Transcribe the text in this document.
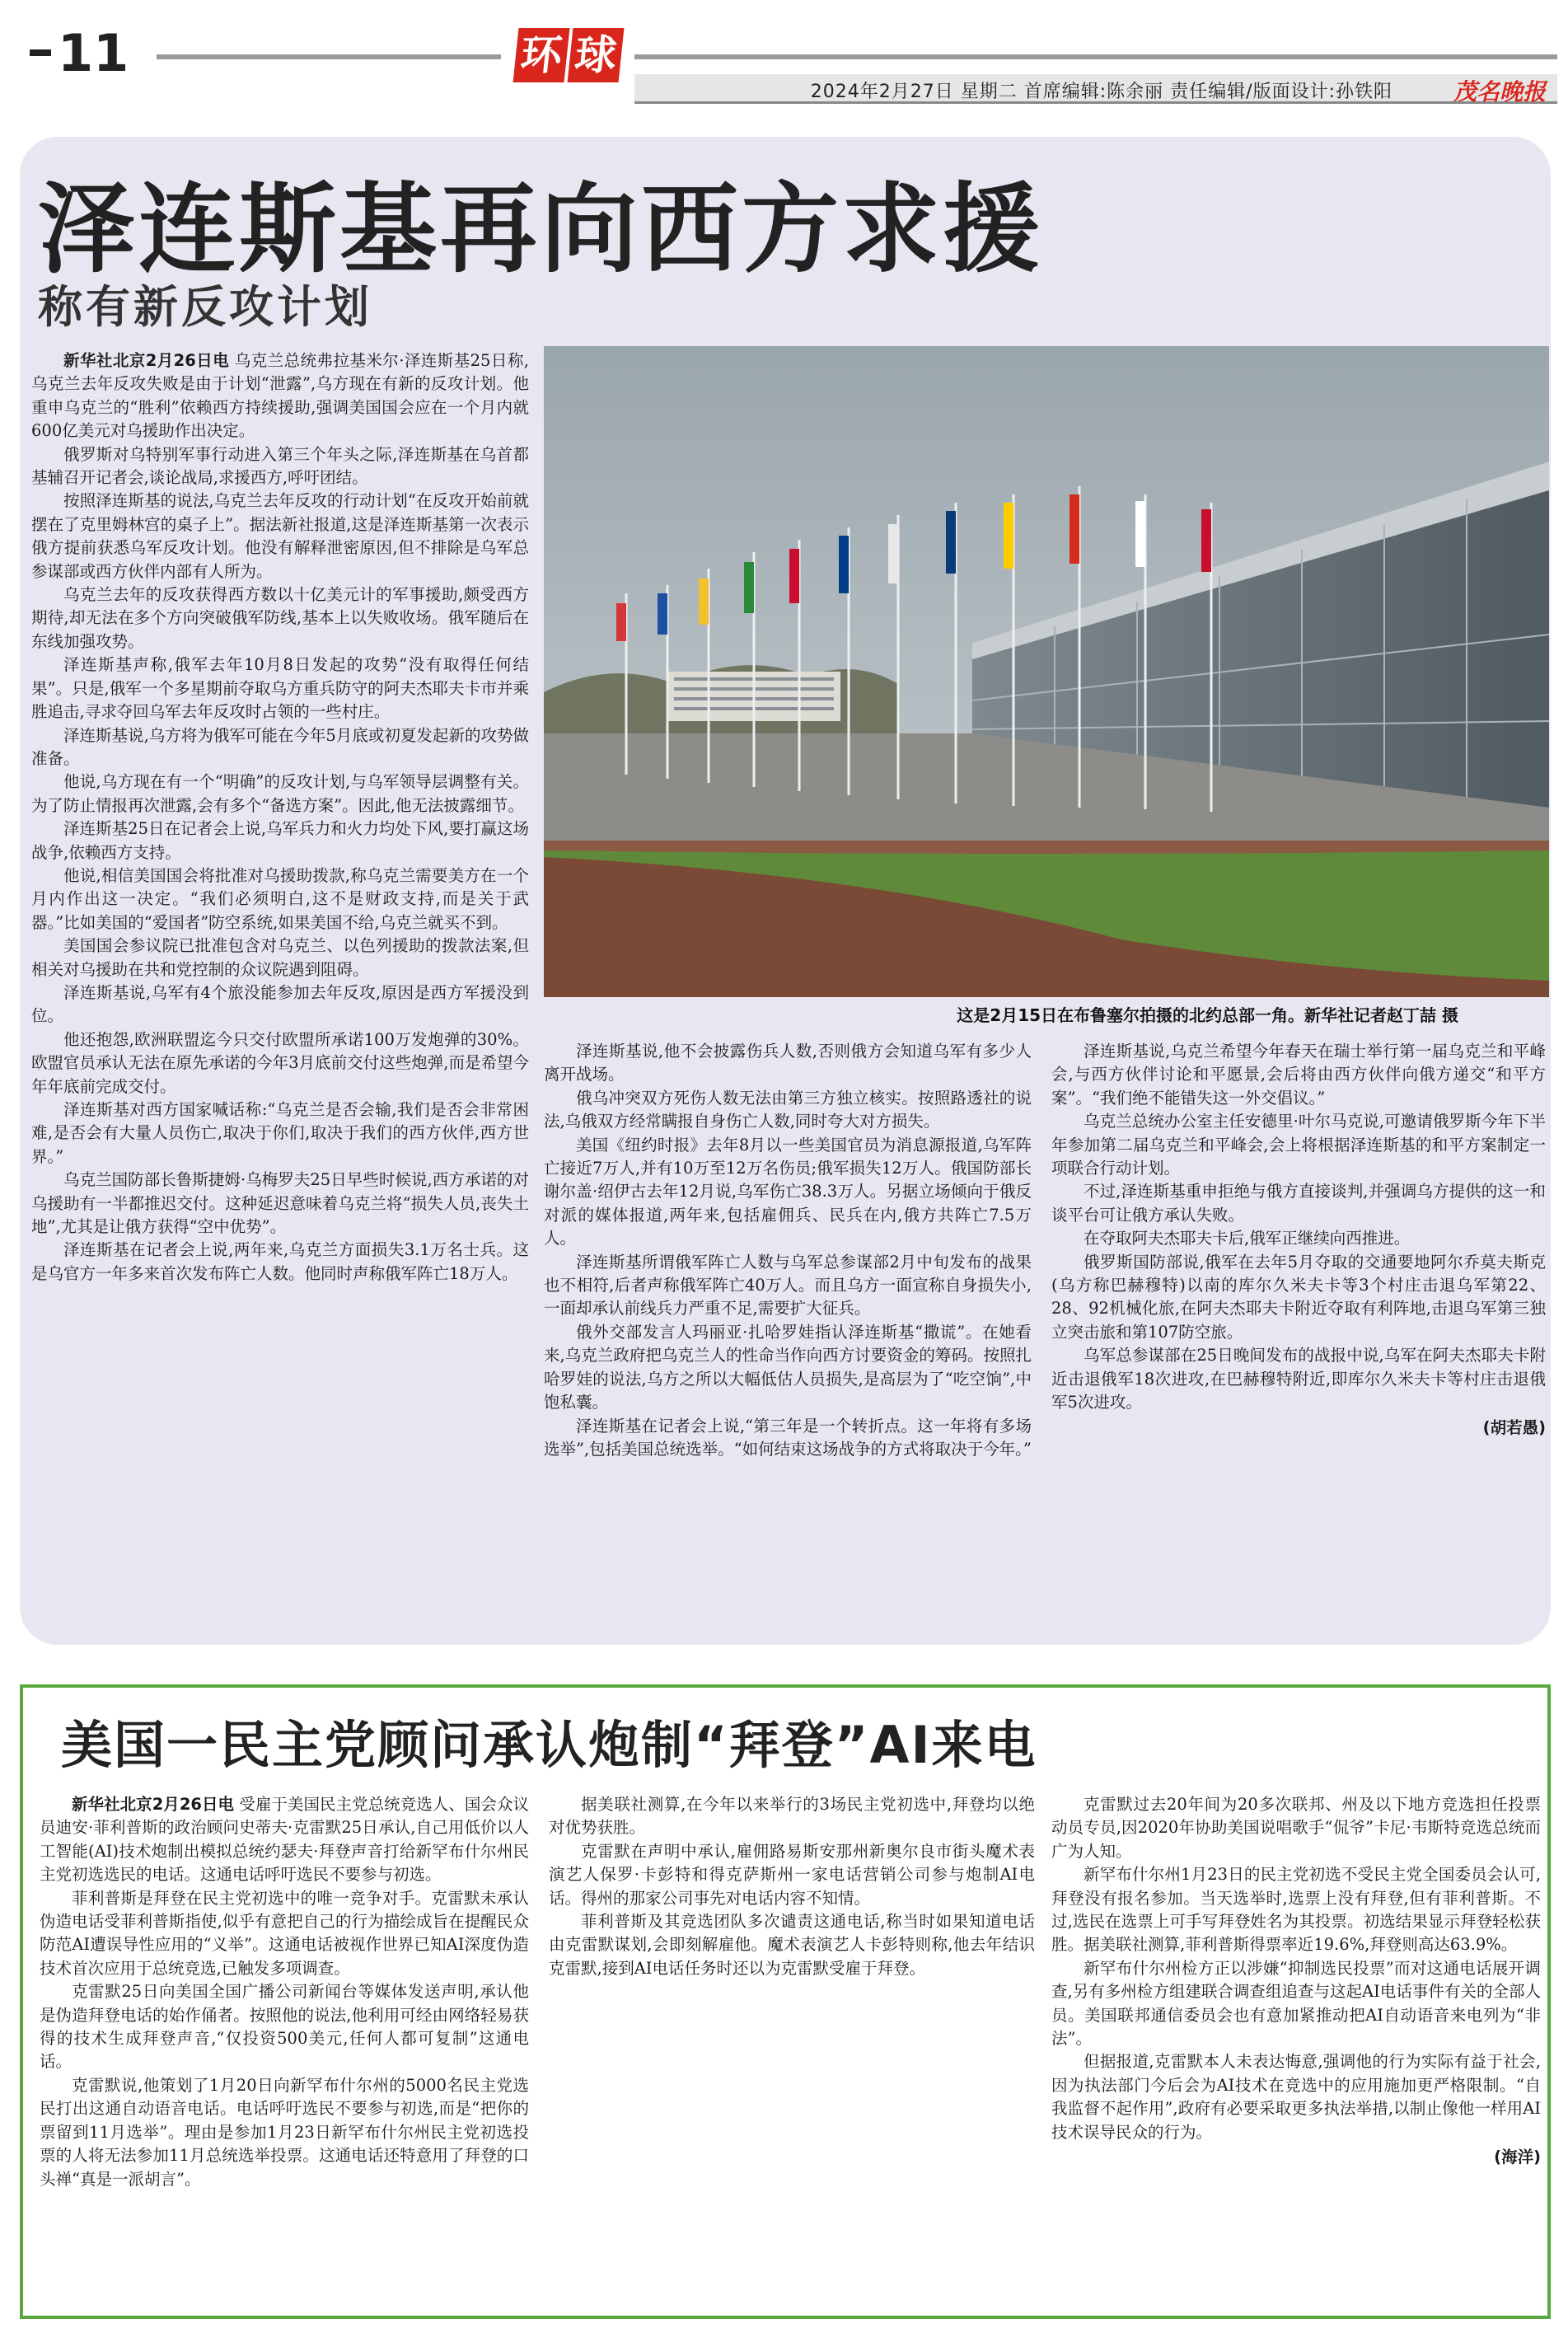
11	环 球
2024年2月27日 星期二 首席编辑:陈余丽 责任编辑/版面设计:孙铁阳	茂名晚报
泽连斯基再向西方求援
称有新反攻计划

新华社北京2月26日电 乌克兰总统弗拉基米尔·泽连斯基25日称,乌克兰去年反攻失败是由于计划“泄露”,乌方现在有新的反攻计划。他重申乌克兰的“胜利”依赖西方持续援助,强调美国国会应在一个月内就600亿美元对乌援助作出决定。

俄罗斯对乌特别军事行动进入第三个年头之际,泽连斯基在乌首都基辅召开记者会,谈论战局,求援西方,呼吁团结。

按照泽连斯基的说法,乌克兰去年反攻的行动计划“在反攻开始前就摆在了克里姆林宫的桌子上”。据法新社报道,这是泽连斯基第一次表示俄方提前获悉乌军反攻计划。他没有解释泄密原因,但不排除是乌军总参谋部或西方伙伴内部有人所为。

乌克兰去年的反攻获得西方数以十亿美元计的军事援助,颇受西方期待,却无法在多个方向突破俄军防线,基本上以失败收场。俄军随后在东线加强攻势。

泽连斯基声称,俄军去年10月8日发起的攻势“没有取得任何结果”。只是,俄军一个多星期前夺取乌方重兵防守的阿夫杰耶夫卡市并乘胜追击,寻求夺回乌军去年反攻时占领的一些村庄。

泽连斯基说,乌方将为俄军可能在今年5月底或初夏发起新的攻势做准备。

他说,乌方现在有一个“明确”的反攻计划,与乌军领导层调整有关。为了防止情报再次泄露,会有多个“备选方案”。因此,他无法披露细节。

泽连斯基25日在记者会上说,乌军兵力和火力均处下风,要打赢这场战争,依赖西方支持。

他说,相信美国国会将批准对乌援助拨款,称乌克兰需要美方在一个月内作出这一决定。“我们必须明白,这不是财政支持,而是关于武器。”比如美国的“爱国者”防空系统,如果美国不给,乌克兰就买不到。

美国国会参议院已批准包含对乌克兰、以色列援助的拨款法案,但相关对乌援助在共和党控制的众议院遇到阻碍。

泽连斯基说,乌军有4个旅没能参加去年反攻,原因是西方军援没到位。

他还抱怨,欧洲联盟迄今只交付欧盟所承诺100万发炮弹的30%。欧盟官员承认无法在原先承诺的今年3月底前交付这些炮弹,而是希望今年年底前完成交付。

泽连斯基对西方国家喊话称:“乌克兰是否会输,我们是否会非常困难,是否会有大量人员伤亡,取决于你们,取决于我们的西方伙伴,西方世界。”

乌克兰国防部长鲁斯捷姆·乌梅罗夫25日早些时候说,西方承诺的对乌援助有一半都推迟交付。这种延迟意味着乌克兰将“损失人员,丧失土地”,尤其是让俄方获得“空中优势”。

泽连斯基在记者会上说,两年来,乌克兰方面损失3.1万名士兵。这是乌官方一年多来首次发布阵亡人数。他同时声称俄军阵亡18万人。

这是2月15日在布鲁塞尔拍摄的北约总部一角。新华社记者赵丁喆 摄

泽连斯基说,他不会披露伤兵人数,否则俄方会知道乌军有多少人离开战场。

俄乌冲突双方死伤人数无法由第三方独立核实。按照路透社的说法,乌俄双方经常瞒报自身伤亡人数,同时夸大对方损失。

美国《纽约时报》去年8月以一些美国官员为消息源报道,乌军阵亡接近7万人,并有10万至12万名伤员;俄军损失12万人。俄国防部长谢尔盖·绍伊古去年12月说,乌军伤亡38.3万人。另据立场倾向于俄反对派的媒体报道,两年来,包括雇佣兵、民兵在内,俄方共阵亡7.5万人。

泽连斯基所谓俄军阵亡人数与乌军总参谋部2月中旬发布的战果也不相符,后者声称俄军阵亡40万人。而且乌方一面宣称自身损失小,一面却承认前线兵力严重不足,需要扩大征兵。

俄外交部发言人玛丽亚·扎哈罗娃指认泽连斯基“撒谎”。在她看来,乌克兰政府把乌克兰人的性命当作向西方讨要资金的筹码。按照扎哈罗娃的说法,乌方之所以大幅低估人员损失,是高层为了“吃空饷”,中饱私囊。

泽连斯基在记者会上说,“第三年是一个转折点。这一年将有多场选举”,包括美国总统选举。“如何结束这场战争的方式将取决于今年。”

泽连斯基说,乌克兰希望今年春天在瑞士举行第一届乌克兰和平峰会,与西方伙伴讨论和平愿景,会后将由西方伙伴向俄方递交“和平方案”。“我们绝不能错失这一外交倡议。”

乌克兰总统办公室主任安德里·叶尔马克说,可邀请俄罗斯今年下半年参加第二届乌克兰和平峰会,会上将根据泽连斯基的和平方案制定一项联合行动计划。

不过,泽连斯基重申拒绝与俄方直接谈判,并强调乌方提供的这一和谈平台可让俄方承认失败。

在夺取阿夫杰耶夫卡后,俄军正继续向西推进。

俄罗斯国防部说,俄军在去年5月夺取的交通要地阿尔乔莫夫斯克(乌方称巴赫穆特)以南的库尔久米夫卡等3个村庄击退乌军第22、28、92机械化旅,在阿夫杰耶夫卡附近夺取有利阵地,击退乌军第三独立突击旅和第107防空旅。

乌军总参谋部在25日晚间发布的战报中说,乌军在阿夫杰耶夫卡附近击退俄军18次进攻,在巴赫穆特附近,即库尔久米夫卡等村庄击退俄军5次进攻。

(胡若愚)
美国一民主党顾问承认炮制“拜登”AI来电

新华社北京2月26日电 受雇于美国民主党总统竞选人、国会众议员迪安·菲利普斯的政治顾问史蒂夫·克雷默25日承认,自己用低价以人工智能(AI)技术炮制出模拟总统约瑟夫·拜登声音打给新罕布什尔州民主党初选选民的电话。这通电话呼吁选民不要参与初选。

菲利普斯是拜登在民主党初选中的唯一竞争对手。克雷默未承认伪造电话受菲利普斯指使,似乎有意把自己的行为描绘成旨在提醒民众防范AI遭误导性应用的“义举”。这通电话被视作世界已知AI深度伪造技术首次应用于总统竞选,已触发多项调查。

克雷默25日向美国全国广播公司新闻台等媒体发送声明,承认他是伪造拜登电话的始作俑者。按照他的说法,他利用可经由网络轻易获得的技术生成拜登声音,“仅投资500美元,任何人都可复制”这通电话。

克雷默说,他策划了1月20日向新罕布什尔州的5000名民主党选民打出这通自动语音电话。电话呼吁选民不要参与初选,而是“把你的票留到11月选举”。理由是参加1月23日新罕布什尔州民主党初选投票的人将无法参加11月总统选举投票。这通电话还特意用了拜登的口头禅“真是一派胡言”。

据美联社测算,在今年以来举行的3场民主党初选中,拜登均以绝对优势获胜。

克雷默在声明中承认,雇佣路易斯安那州新奥尔良市街头魔术表演艺人保罗·卡彭特和得克萨斯州一家电话营销公司参与炮制AI电话。得州的那家公司事先对电话内容不知情。

菲利普斯及其竞选团队多次谴责这通电话,称当时如果知道电话由克雷默谋划,会即刻解雇他。魔术表演艺人卡彭特则称,他去年结识克雷默,接到AI电话任务时还以为克雷默受雇于拜登。

克雷默过去20年间为20多次联邦、州及以下地方竞选担任投票动员专员,因2020年协助美国说唱歌手“侃爷”卡尼·韦斯特竞选总统而广为人知。

新罕布什尔州1月23日的民主党初选不受民主党全国委员会认可,拜登没有报名参加。当天选举时,选票上没有拜登,但有菲利普斯。不过,选民在选票上可手写拜登姓名为其投票。初选结果显示拜登轻松获胜。据美联社测算,菲利普斯得票率近19.6%,拜登则高达63.9%。

新罕布什尔州检方正以涉嫌“抑制选民投票”而对这通电话展开调查,另有多州检方组建联合调查组追查与这起AI电话事件有关的全部人员。美国联邦通信委员会也有意加紧推动把AI自动语音来电列为“非法”。

但据报道,克雷默本人未表达悔意,强调他的行为实际有益于社会,因为执法部门今后会为AI技术在竞选中的应用施加更严格限制。“自我监督不起作用”,政府有必要采取更多执法举措,以制止像他一样用AI技术误导民众的行为。

(海洋)
